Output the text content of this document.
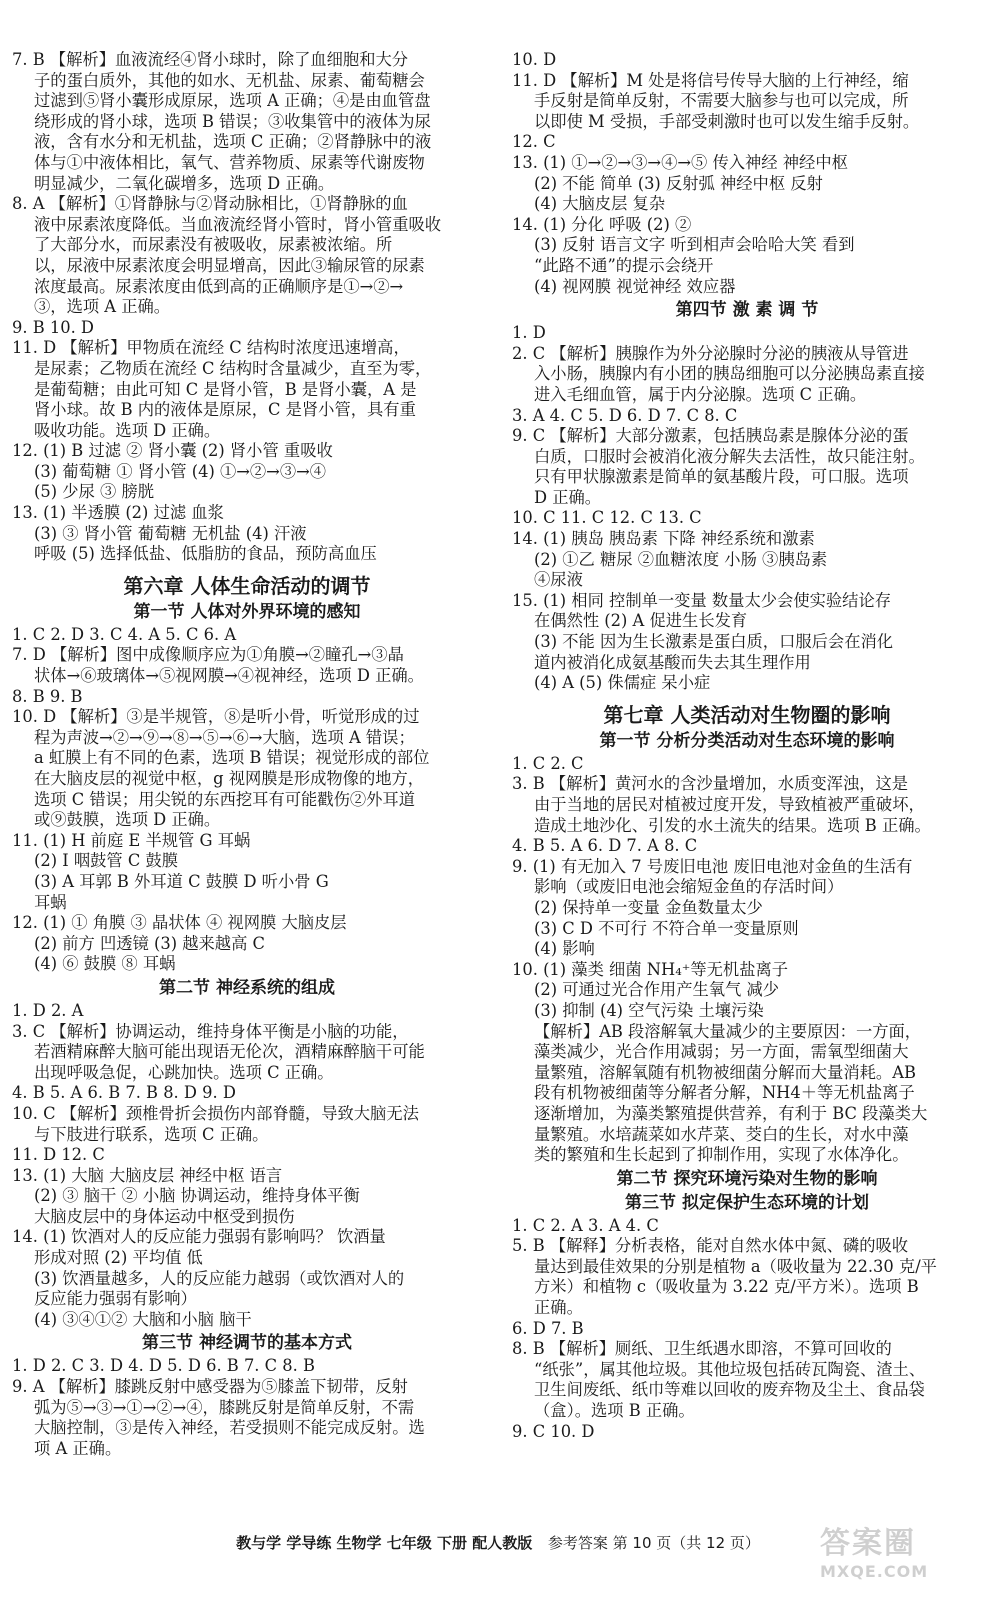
7. B 【解析】血液流经④肾小球时，除了血细胞和大分
子的蛋白质外，其他的如水、无机盐、尿素、葡萄糖会
过滤到⑤肾小囊形成原尿，选项 A 正确；④是由血管盘
绕形成的肾小球，选项 B 错误；③收集管中的液体为尿
液，含有水分和无机盐，选项 C 正确；②肾静脉中的液
体与①中液体相比，氧气、营养物质、尿素等代谢废物
明显减少，二氧化碳增多，选项 D 正确。
8. A 【解析】①肾静脉与②肾动脉相比，①肾静脉的血
液中尿素浓度降低。当血液流经肾小管时，肾小管重吸收
了大部分水，而尿素没有被吸收，尿素被浓缩。所
以，尿液中尿素浓度会明显增高，因此③输尿管的尿素
浓度最高。尿素浓度由低到高的正确顺序是①→②→
③，选项 A 正确。
9. B 10. D
11. D 【解析】甲物质在流经 C 结构时浓度迅速增高，
是尿素；乙物质在流经 C 结构时含量减少，直至为零，
是葡萄糖；由此可知 C 是肾小管，B 是肾小囊，A 是
肾小球。故 B 内的液体是原尿，C 是肾小管，具有重
吸收功能。选项 D 正确。
12. (1) B 过滤 ② 肾小囊 (2) 肾小管 重吸收
(3) 葡萄糖 ① 肾小管 (4) ①→②→③→④
(5) 少尿 ③ 膀胱
13. (1) 半透膜 (2) 过滤 血浆
(3) ③ 肾小管 葡萄糖 无机盐 (4) 汗液
呼吸 (5) 选择低盐、低脂肪的食品，预防高血压
第六章 人体生命活动的调节
第一节 人体对外界环境的感知
1. C 2. D 3. C 4. A 5. C 6. A
7. D 【解析】图中成像顺序应为①角膜→②瞳孔→③晶
状体→⑥玻璃体→⑤视网膜→④视神经，选项 D 正确。
8. B 9. B
10. D 【解析】③是半规管，⑧是听小骨，听觉形成的过
程为声波→②→⑨→⑧→⑤→⑥→大脑，选项 A 错误；
a 虹膜上有不同的色素，选项 B 错误；视觉形成的部位
在大脑皮层的视觉中枢，g 视网膜是形成物像的地方，
选项 C 错误；用尖锐的东西挖耳有可能戳伤②外耳道
或⑨鼓膜，选项 D 正确。
11. (1) H 前庭 E 半规管 G 耳蜗
(2) I 咽鼓管 C 鼓膜
(3) A 耳郭 B 外耳道 C 鼓膜 D 听小骨 G
耳蜗
12. (1) ① 角膜 ③ 晶状体 ④ 视网膜 大脑皮层
(2) 前方 凹透镜 (3) 越来越高 C
(4) ⑥ 鼓膜 ⑧ 耳蜗
第二节 神经系统的组成
1. D 2. A
3. C 【解析】协调运动，维持身体平衡是小脑的功能，
若酒精麻醉大脑可能出现语无伦次，酒精麻醉脑干可能
出现呼吸急促，心跳加快。选项 C 正确。
4. B 5. A 6. B 7. B 8. D 9. D
10. C 【解析】颈椎骨折会损伤内部脊髓，导致大脑无法
与下肢进行联系，选项 C 正确。
11. D 12. C
13. (1) 大脑 大脑皮层 神经中枢 语言
(2) ③ 脑干 ② 小脑 协调运动，维持身体平衡
大脑皮层中的身体运动中枢受到损伤
14. (1) 饮酒对人的反应能力强弱有影响吗？ 饮酒量
形成对照 (2) 平均值 低
(3) 饮酒量越多，人的反应能力越弱（或饮酒对人的
反应能力强弱有影响）
(4) ③④①② 大脑和小脑 脑干
第三节 神经调节的基本方式
1. D 2. C 3. D 4. D 5. D 6. B 7. C 8. B
9. A 【解析】膝跳反射中感受器为⑤膝盖下韧带，反射
弧为⑤→③→①→②→④，膝跳反射是简单反射，不需
大脑控制，③是传入神经，若受损则不能完成反射。选
项 A 正确。
10. D
11. D 【解析】M 处是将信号传导大脑的上行神经，缩
手反射是简单反射，不需要大脑参与也可以完成，所
以即使 M 受损，手部受刺激时也可以发生缩手反射。
12. C
13. (1) ①→②→③→④→⑤ 传入神经 神经中枢
(2) 不能 简单 (3) 反射弧 神经中枢 反射
(4) 大脑皮层 复杂
14. (1) 分化 呼吸 (2) ②
(3) 反射 语言文字 听到相声会哈哈大笑 看到
“此路不通”的提示会绕开
(4) 视网膜 视觉神经 效应器
第四节 激 素 调 节
1. D
2. C 【解析】胰腺作为外分泌腺时分泌的胰液从导管进
入小肠，胰腺内有小团的胰岛细胞可以分泌胰岛素直接
进入毛细血管，属于内分泌腺。选项 C 正确。
3. A 4. C 5. D 6. D 7. C 8. C
9. C 【解析】大部分激素，包括胰岛素是腺体分泌的蛋
白质，口服时会被消化液分解失去活性，故只能注射。
只有甲状腺激素是简单的氨基酸片段，可口服。选项
D 正确。
10. C 11. C 12. C 13. C
14. (1) 胰岛 胰岛素 下降 神经系统和激素
(2) ①乙 糖尿 ②血糖浓度 小肠 ③胰岛素
④尿液
15. (1) 相同 控制单一变量 数量太少会使实验结论存
在偶然性 (2) A 促进生长发育
(3) 不能 因为生长激素是蛋白质，口服后会在消化
道内被消化成氨基酸而失去其生理作用
(4) A (5) 侏儒症 呆小症
第七章 人类活动对生物圈的影响
第一节 分析分类活动对生态环境的影响
1. C 2. C
3. B 【解析】黄河水的含沙量增加，水质变浑浊，这是
由于当地的居民对植被过度开发，导致植被严重破坏，
造成土地沙化、引发的水土流失的结果。选项 B 正确。
4. B 5. A 6. D 7. A 8. C
9. (1) 有无加入 7 号废旧电池 废旧电池对金鱼的生活有
影响（或废旧电池会缩短金鱼的存活时间）
(2) 保持单一变量 金鱼数量太少
(3) C D 不可行 不符合单一变量原则
(4) 影响
10. (1) 藻类 细菌 NH₄⁺等无机盐离子
(2) 可通过光合作用产生氧气 减少
(3) 抑制 (4) 空气污染 土壤污染
【解析】AB 段溶解氧大量减少的主要原因：一方面，
藻类减少，光合作用减弱；另一方面，需氧型细菌大
量繁殖，溶解氧随有机物被细菌分解而大量消耗。AB
段有机物被细菌等分解者分解，NH4＋等无机盐离子
逐渐增加，为藻类繁殖提供营养，有利于 BC 段藻类大
量繁殖。水培蔬菜如水芹菜、茭白的生长，对水中藻
类的繁殖和生长起到了抑制作用，实现了水体净化。
第二节 探究环境污染对生物的影响
第三节 拟定保护生态环境的计划
1. C 2. A 3. A 4. C
5. B 【解释】分析表格，能对自然水体中氮、磷的吸收
量达到最佳效果的分别是植物 a（吸收量为 22.30 克/平
方米）和植物 c（吸收量为 3.22 克/平方米）。选项 B
正确。
6. D 7. B
8. B 【解析】厕纸、卫生纸遇水即溶，不算可回收的
“纸张”，属其他垃圾。其他垃圾包括砖瓦陶瓷、渣土、
卫生间废纸、纸巾等难以回收的废弃物及尘土、食品袋
（盒）。选项 B 正确。
9. C 10. D
教与学 学导练 生物学 七年级 下册 配人教版 参考答案 第 10 页（共 12 页）	答案圈
MXQE.COM
